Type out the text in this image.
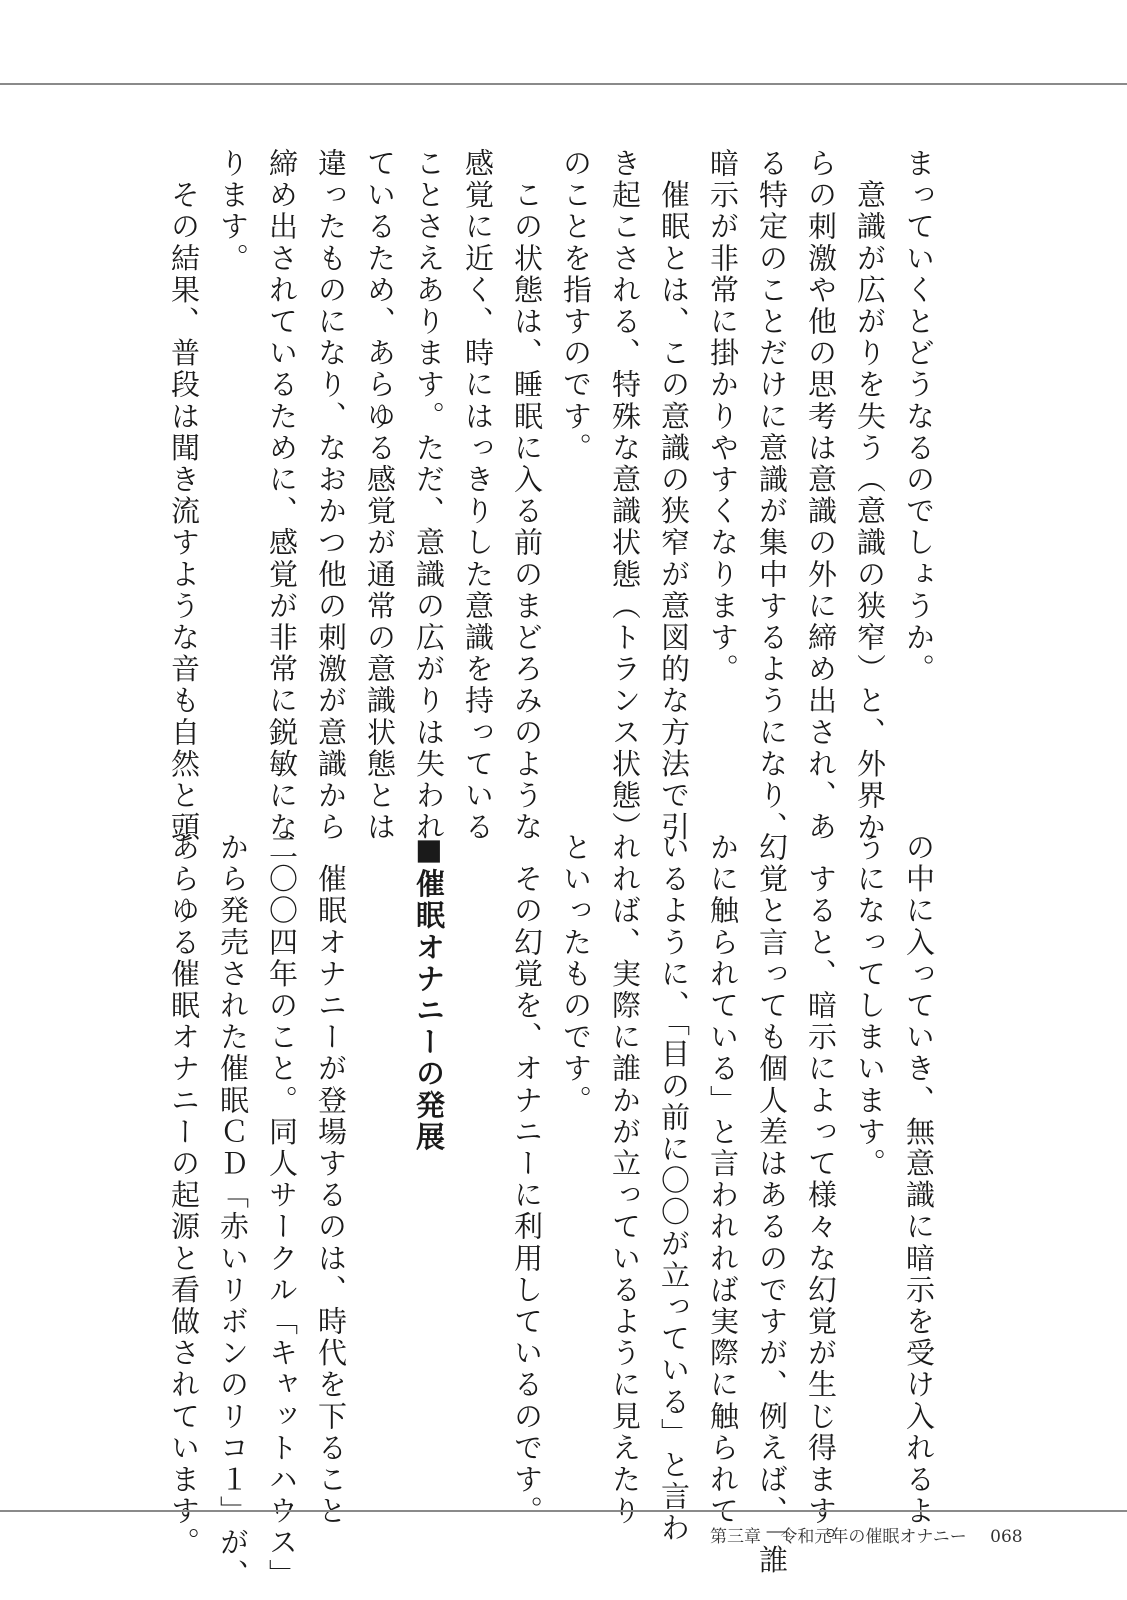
まっていくとどうなるのでしょうか。
　意識が広がりを失う（意識の狭窄）と、外界か
らの刺激や他の思考は意識の外に締め出され、あ
る特定のことだけに意識が集中するようになり、
暗示が非常に掛かりやすくなります。
　催眠とは、この意識の狭窄が意図的な方法で引
き起こされる、特殊な意識状態（トランス状態）
のことを指すのです。
　この状態は、睡眠に入る前のまどろみのような
感覚に近く、時にはっきりした意識を持っている
ことさえあります。ただ、意識の広がりは失われ
ているため、あらゆる感覚が通常の意識状態とは
違ったものになり、なおかつ他の刺激が意識から
締め出されているために、感覚が非常に鋭敏にな
ります。
　その結果、普段は聞き流すような音も自然と頭
の中に入っていき、無意識に暗示を受け入れるよ
うになってしまいます。
　すると、暗示によって様々な幻覚が生じ得ます。
幻覚と言っても個人差はあるのですが、例えば、「誰
かに触られている」と言われれば実際に触られて
いるように、「目の前に〇〇が立っている」と言わ
れれば、実際に誰かが立っているように見えたり
といったものです。
　その幻覚を、オナニーに利用しているのです。
■催眠オナニーの発展
　催眠オナニーが登場するのは、時代を下ること
二〇〇四年のこと。同人サークル「キャットハウス」
から発売された催眠ＣＤ「赤いリボンのリコ１」が、
あらゆる催眠オナニーの起源と看做されています。	第三章 令和元年の催眠オナニー 068
